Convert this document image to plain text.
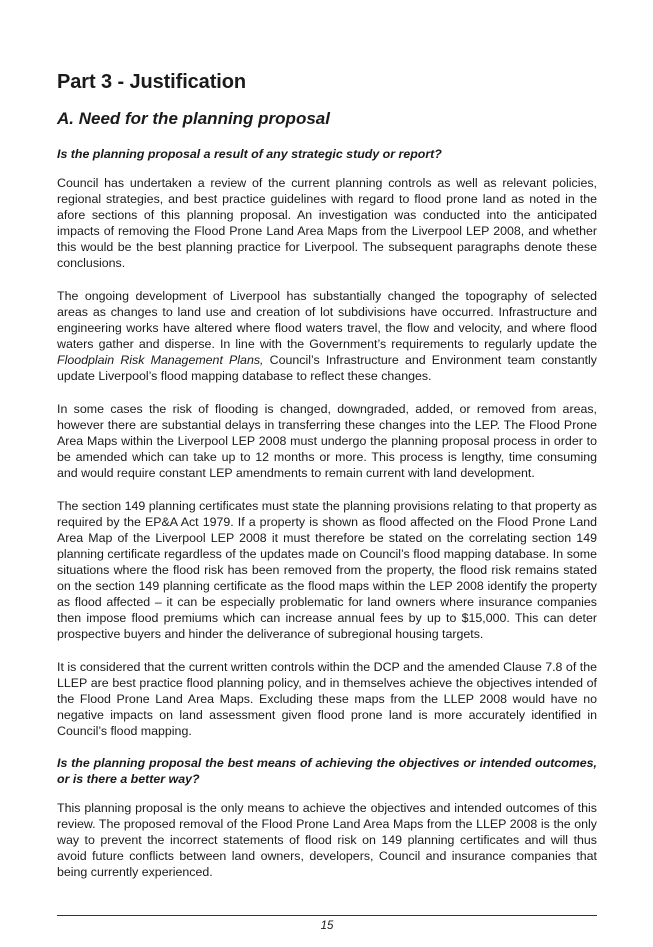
Part 3 - Justification
A. Need for the planning proposal
Is the planning proposal a result of any strategic study or report?

Council has undertaken a review of the current planning controls as well as relevant policies, regional strategies, and best practice guidelines with regard to flood prone land as noted in the afore sections of this planning proposal. An investigation was conducted into the anticipated impacts of removing the Flood Prone Land Area Maps from the Liverpool LEP 2008, and whether this would be the best planning practice for Liverpool. The subsequent paragraphs denote these conclusions.

The ongoing development of Liverpool has substantially changed the topography of selected areas as changes to land use and creation of lot subdivisions have occurred. Infrastructure and engineering works have altered where flood waters travel, the flow and velocity, and where flood waters gather and disperse. In line with the Government’s requirements to regularly update the Floodplain Risk Management Plans, Council’s Infrastructure and Environment team constantly update Liverpool’s flood mapping database to reflect these changes.

In some cases the risk of flooding is changed, downgraded, added, or removed from areas, however there are substantial delays in transferring these changes into the LEP. The Flood Prone Area Maps within the Liverpool LEP 2008 must undergo the planning proposal process in order to be amended which can take up to 12 months or more. This process is lengthy, time consuming and would require constant LEP amendments to remain current with land development.

The section 149 planning certificates must state the planning provisions relating to that property as required by the EP&A Act 1979. If a property is shown as flood affected on the Flood Prone Land Area Map of the Liverpool LEP 2008 it must therefore be stated on the correlating section 149 planning certificate regardless of the updates made on Council’s flood mapping database. In some situations where the flood risk has been removed from the property, the flood risk remains stated on the section 149 planning certificate as the flood maps within the LEP 2008 identify the property as flood affected – it can be especially problematic for land owners where insurance companies then impose flood premiums which can increase annual fees by up to $15,000. This can deter prospective buyers and hinder the deliverance of subregional housing targets.

It is considered that the current written controls within the DCP and the amended Clause 7.8 of the LLEP are best practice flood planning policy, and in themselves achieve the objectives intended of the Flood Prone Land Area Maps. Excluding these maps from the LLEP 2008 would have no negative impacts on land assessment given flood prone land is more accurately identified in Council’s flood mapping.

Is the planning proposal the best means of achieving the objectives or intended outcomes, or is there a better way?

This planning proposal is the only means to achieve the objectives and intended outcomes of this review. The proposed removal of the Flood Prone Land Area Maps from the LLEP 2008 is the only way to prevent the incorrect statements of flood risk on 149 planning certificates and will thus avoid future conflicts between land owners, developers, Council and insurance companies that being currently experienced.

15
